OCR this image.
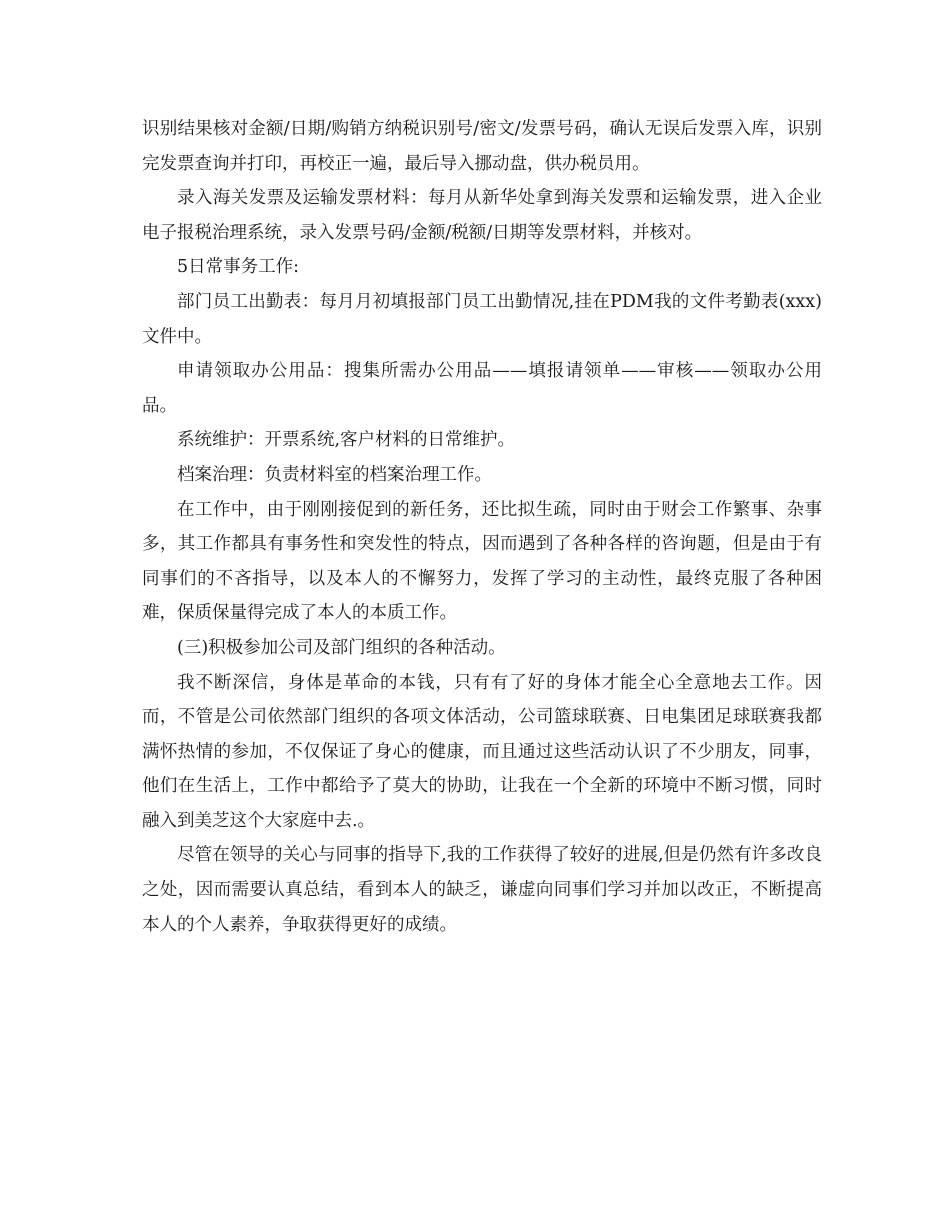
识别结果核对金额/日期/购销方纳税识别号/密文/发票号码，确认无误后发票入库，识别完发票查询并打印，再校正一遍，最后导入挪动盘，供办税员用。

录入海关发票及运输发票材料：每月从新华处拿到海关发票和运输发票，进入企业电子报税治理系统，录入发票号码/金额/税额/日期等发票材料，并核对。

5日常事务工作:

部门员工出勤表：每月月初填报部门员工出勤情况,挂在PDM我的文件考勤表(xxx)文件中。

申请领取办公用品：搜集所需办公用品——填报请领单——审核——领取办公用品。

系统维护：开票系统,客户材料的日常维护。

档案治理：负责材料室的档案治理工作。

在工作中，由于刚刚接促到的新任务，还比拟生疏，同时由于财会工作繁事、杂事多，其工作都具有事务性和突发性的特点，因而遇到了各种各样的咨询题，但是由于有同事们的不吝指导，以及本人的不懈努力，发挥了学习的主动性，最终克服了各种困难，保质保量得完成了本人的本质工作。

(三)积极参加公司及部门组织的各种活动。

我不断深信，身体是革命的本钱，只有有了好的身体才能全心全意地去工作。因而，不管是公司依然部门组织的各项文体活动，公司篮球联赛、日电集团足球联赛我都满怀热情的参加，不仅保证了身心的健康，而且通过这些活动认识了不少朋友，同事，他们在生活上，工作中都给予了莫大的协助，让我在一个全新的环境中不断习惯，同时融入到美芝这个大家庭中去.。

尽管在领导的关心与同事的指导下,我的工作获得了较好的进展,但是仍然有许多改良之处，因而需要认真总结，看到本人的缺乏，谦虚向同事们学习并加以改正，不断提高本人的个人素养，争取获得更好的成绩。
